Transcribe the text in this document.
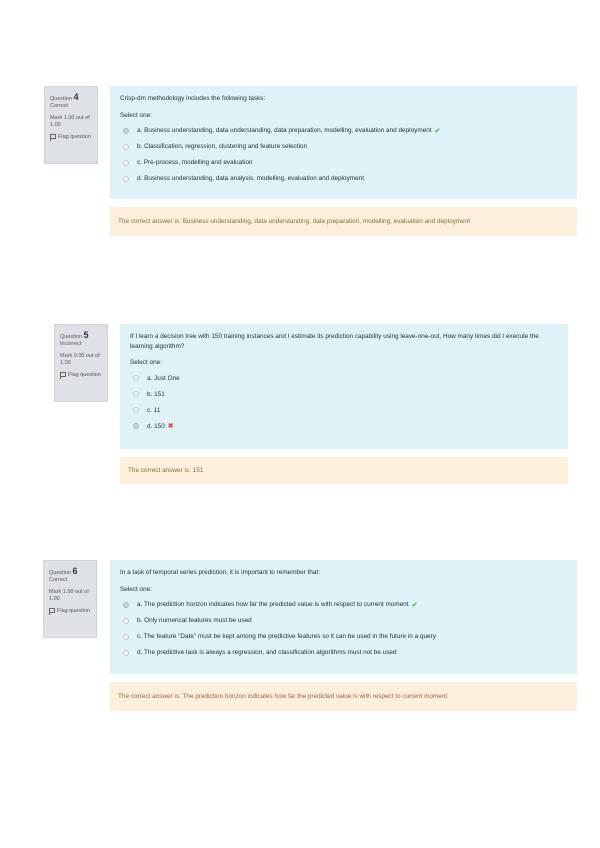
Question 4
Correct
Mark 1.00 out of 1.00
Flag question
Crisp-dm methodology includes the following tasks:
Select one:
a. Business understanding, data understanding, data preparation, modelling, evaluation and deployment ✔
b. Classification, regression, clustering and feature selection
c. Pre-process, modelling and evaluation
d. Business understanding, data analysis, modelling, evaluation and deployment
The correct answer is: Business understanding, data understanding, data preparation, modelling, evaluation and deployment
Question 5
Incorrect
Mark 0.00 out of 1.00
Flag question
If I learn a decision tree with 150 training instances and I estimate its prediction capability using leave-one-out, How many times did I execute the learning algorithm?
Select one:
a. Just One
b. 151
c. 11
d. 150 ✖
The correct answer is: 151
Question 6
Correct
Mark 1.00 out of 1.00
Flag question
In a task of temporal series prediction, it is important to remember that:
Select one:
a. The prediction horizon indicates how far the predicted value is with respect to current moment ✔
b. Only numerical features must be used
c. The feature "Date" must be kept among the predictive features so it can be used in the future in a query
d. The predictive task is always a regression, and classification algorithms must not be used
The correct answer is: The prediction horizon indicates how far the predicted value is with respect to current moment
